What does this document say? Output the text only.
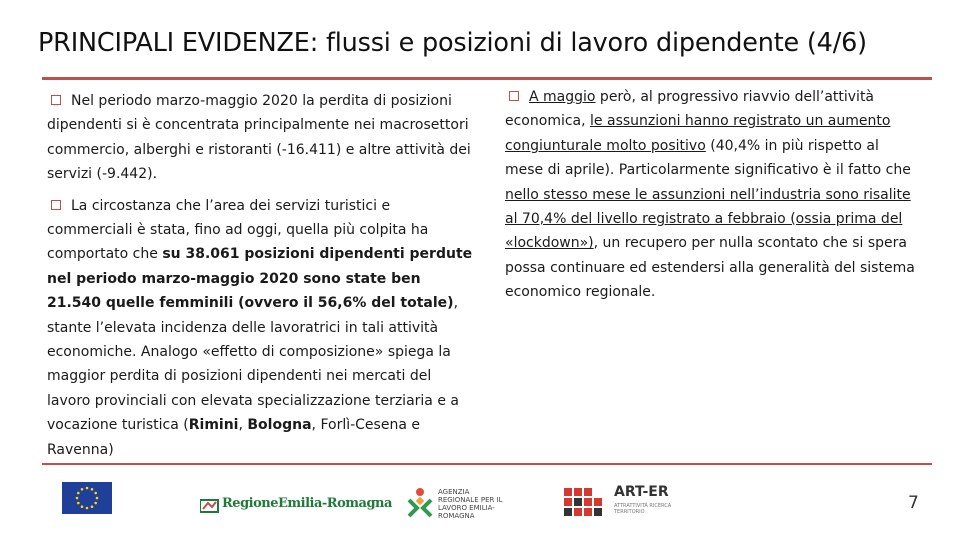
PRINCIPALI EVIDENZE: flussi e posizioni di lavoro dipendente (4/6)
Nel periodo marzo-maggio 2020 la perdita di posizioni dipendenti si è concentrata principalmente nei macrosettori commercio, alberghi e ristoranti (-16.411) e altre attività dei servizi (-9.442).
La circostanza che l’area dei servizi turistici e commerciali è stata, fino ad oggi, quella più colpita ha comportato che su 38.061 posizioni dipendenti perdute nel periodo marzo-maggio 2020 sono state ben 21.540 quelle femminili (ovvero il 56,6% del totale), stante l’elevata incidenza delle lavoratrici in tali attività economiche. Analogo «effetto di composizione» spiega la maggior perdita di posizioni dipendenti nei mercati del lavoro provinciali con elevata specializzazione terziaria e a vocazione turistica (Rimini, Bologna, Forlì-Cesena e Ravenna)
A maggio però, al progressivo riavvio dell’attività economica, le assunzioni hanno registrato un aumento congiunturale molto positivo (40,4% in più rispetto al mese di aprile). Particolarmente significativo è il fatto che nello stesso mese le assunzioni nell’industria sono risalite al 70,4% del livello registrato a febbraio (ossia prima del «lockdown»), un recupero per nulla scontato che si spera possa continuare ed estendersi alla generalità del sistema economico regionale.

RegioneEmilia-Romagna
AGENZIA REGIONALE PER IL LAVORO EMILIA-ROMAGNA
ART-ER
ATTRATTIVITÀ RICERCA TERRITORIO	7
